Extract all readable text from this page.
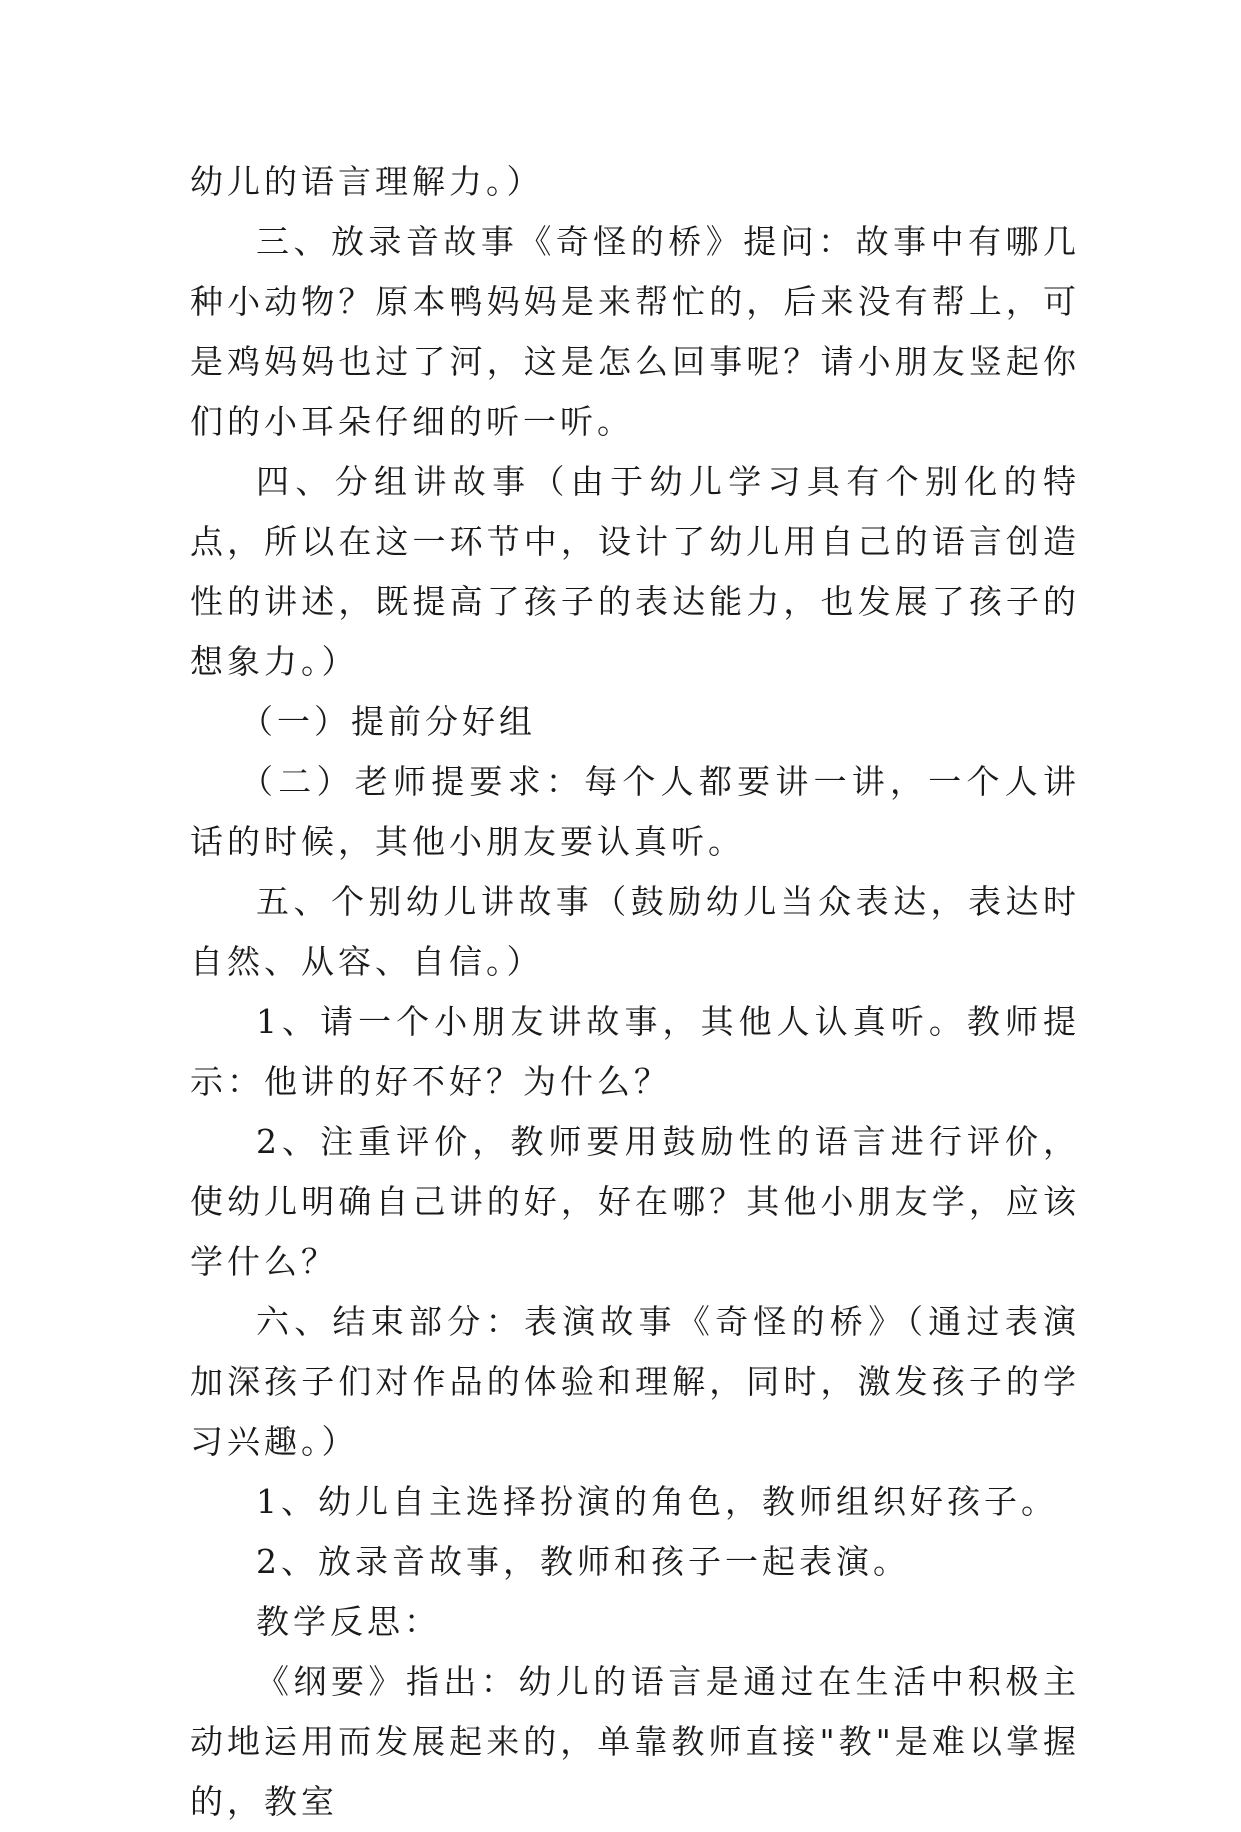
幼儿的语言理解力。）

三、放录音故事《奇怪的桥》提问：故事中有哪几种小动物？原本鸭妈妈是来帮忙的，后来没有帮上，可是鸡妈妈也过了河，这是怎么回事呢？请小朋友竖起你们的小耳朵仔细的听一听。

四、分组讲故事（由于幼儿学习具有个别化的特点，所以在这一环节中，设计了幼儿用自己的语言创造性的讲述，既提高了孩子的表达能力，也发展了孩子的想象力。）

（一）提前分好组

（二）老师提要求：每个人都要讲一讲，一个人讲话的时候，其他小朋友要认真听。

五、个别幼儿讲故事（鼓励幼儿当众表达，表达时自然、从容、自信。）

1、请一个小朋友讲故事，其他人认真听。教师提示：他讲的好不好？为什么？

2、注重评价，教师要用鼓励性的语言进行评价，使幼儿明确自己讲的好，好在哪？其他小朋友学，应该学什么？

六、结束部分：表演故事《奇怪的桥》（通过表演加深孩子们对作品的体验和理解，同时，激发孩子的学习兴趣。）

1、幼儿自主选择扮演的角色，教师组织好孩子。

2、放录音故事，教师和孩子一起表演。

教学反思：

《纲要》指出：幼儿的语言是通过在生活中积极主动地运用而发展起来的，单靠教师直接"教"是难以掌握的，教室
